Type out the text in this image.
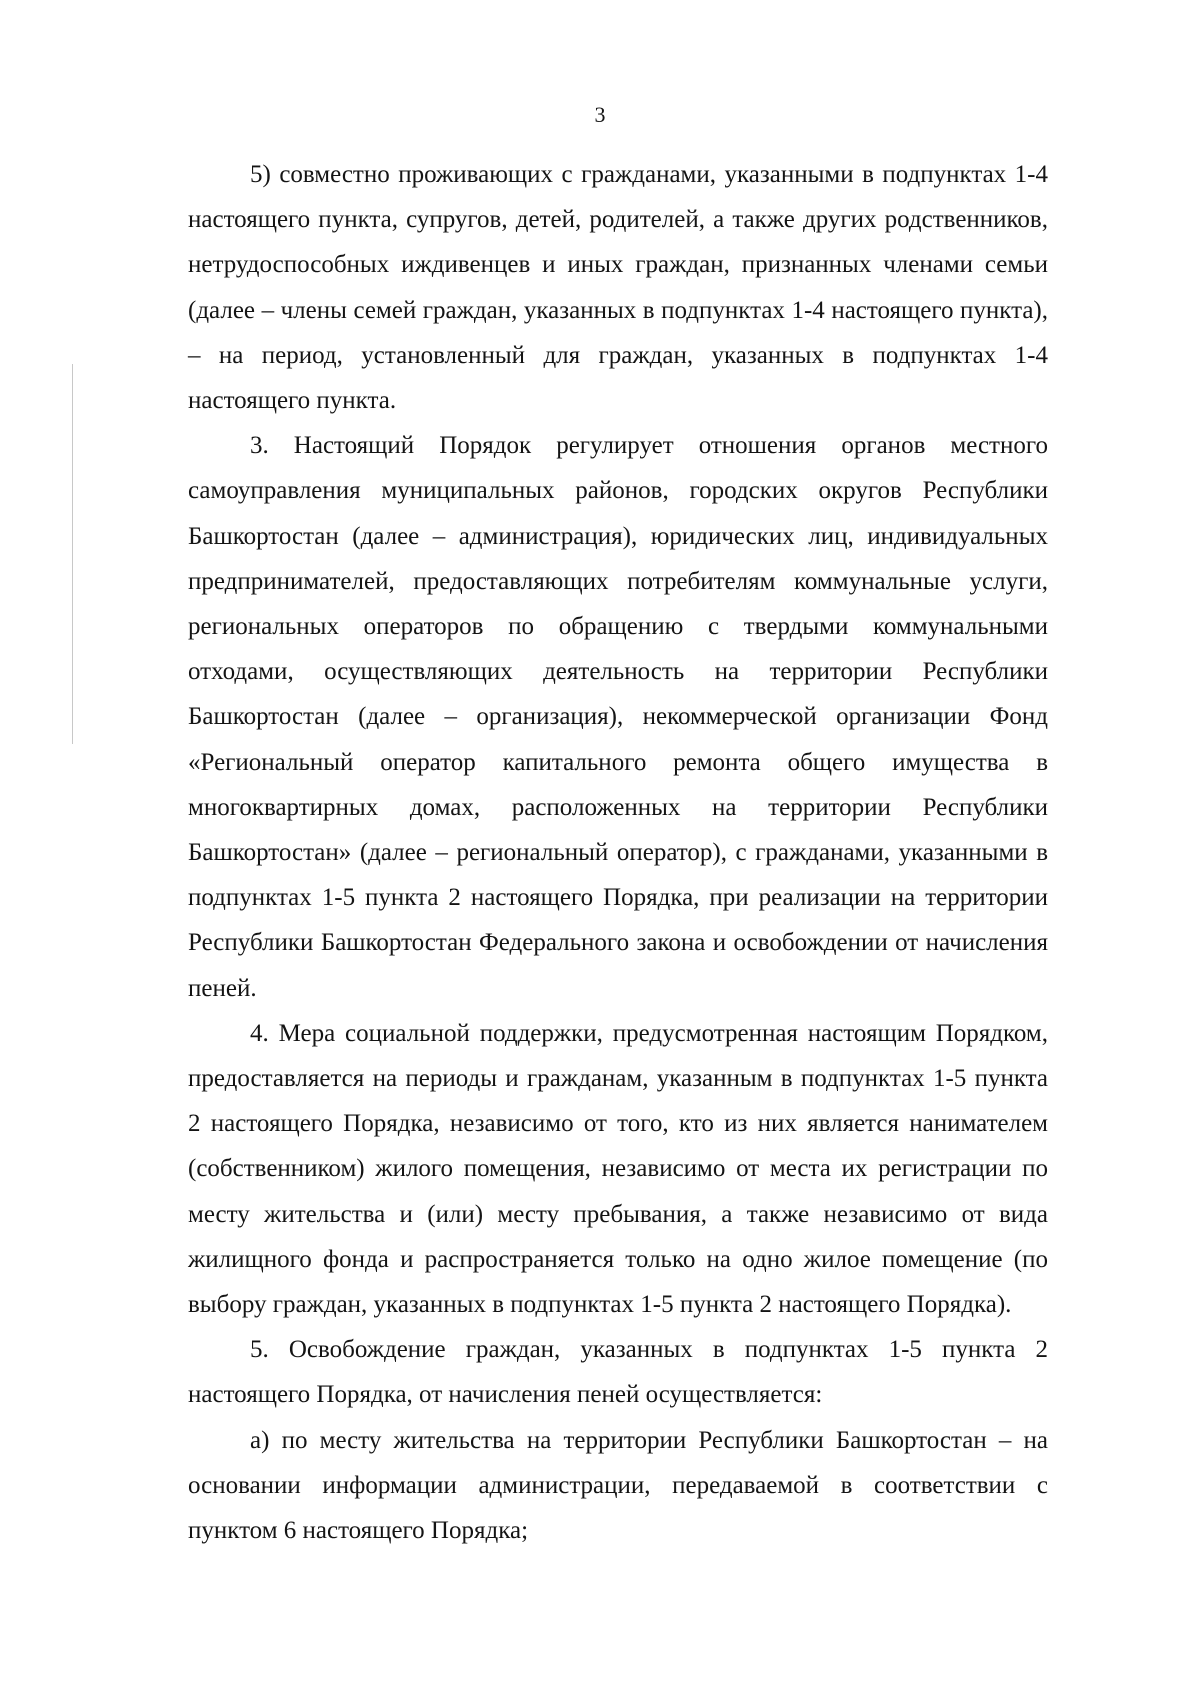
3

5) совместно проживающих с гражданами, указанными в подпунктах 1-4 настоящего пункта, супругов, детей, родителей, а также других родственников, нетрудоспособных иждивенцев и иных граждан, признанных членами семьи (далее – члены семей граждан, указанных в подпунктах 1-4 настоящего пункта), – на период, установленный для граждан, указанных в подпунктах 1-4 настоящего пункта.

3. Настоящий Порядок регулирует отношения органов местного самоуправления муниципальных районов, городских округов Республики Башкортостан (далее – администрация), юридических лиц, индивидуальных предпринимателей, предоставляющих потребителям коммунальные услуги, региональных операторов по обращению с твердыми коммунальными отходами, осуществляющих деятельность на территории Республики Башкортостан (далее – организация), некоммерческой организации Фонд «Региональный оператор капитального ремонта общего имущества в многоквартирных домах, расположенных на территории Республики Башкортостан» (далее – региональный оператор), с гражданами, указанными в подпунктах 1-5 пункта 2 настоящего Порядка, при реализации на территории Республики Башкортостан Федерального закона и освобождении от начисления пеней.

4. Мера социальной поддержки, предусмотренная настоящим Порядком, предоставляется на периоды и гражданам, указанным в подпунктах 1-5 пункта 2 настоящего Порядка, независимо от того, кто из них является нанимателем (собственником) жилого помещения, независимо от места их регистрации по месту жительства и (или) месту пребывания, а также независимо от вида жилищного фонда и распространяется только на одно жилое помещение (по выбору граждан, указанных в подпунктах 1-5 пункта 2 настоящего Порядка).

5. Освобождение граждан, указанных в подпунктах 1-5 пункта 2 настоящего Порядка, от начисления пеней осуществляется:

а) по месту жительства на территории Республики Башкортостан – на основании информации администрации, передаваемой в соответствии с пунктом 6 настоящего Порядка;
